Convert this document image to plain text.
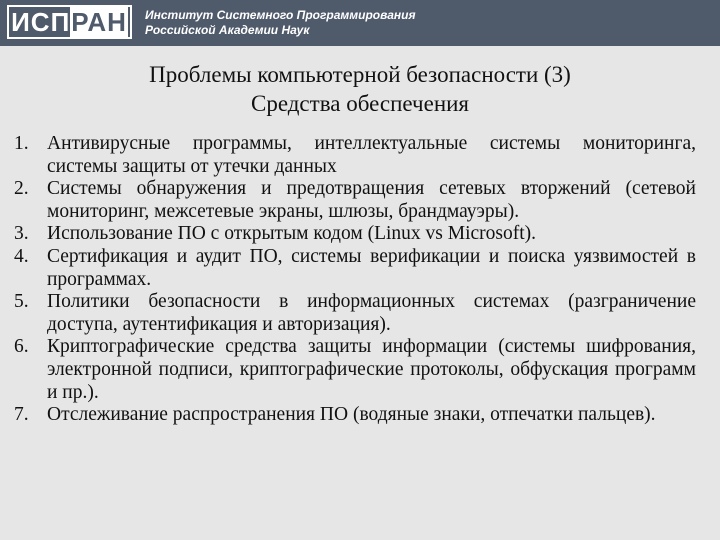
ИСПРАН Институт Системного Программирования
Российской Академии Наук
Проблемы компьютерной безопасности (3)
Средства обеспечения
1. Антивирусные программы, интеллектуальные системы мониторинга, системы защиты от утечки данных
2. Системы обнаружения и предотвращения сетевых вторжений (сетевой мониторинг, межсетевые экраны, шлюзы, брандмауэры).
3. Использование ПО с открытым кодом (Linux vs Microsoft).
4. Сертификация и аудит ПО, системы верификации и поиска уязвимостей в программах.
5. Политики безопасности в информационных системах (разграничение доступа, аутентификация и авторизация).
6. Криптографические средства защиты информации (системы шифрования, электронной подписи, криптографические протоколы, обфускация программ и пр.).
7. Отслеживание распространения ПО (водяные знаки, отпечатки пальцев).
